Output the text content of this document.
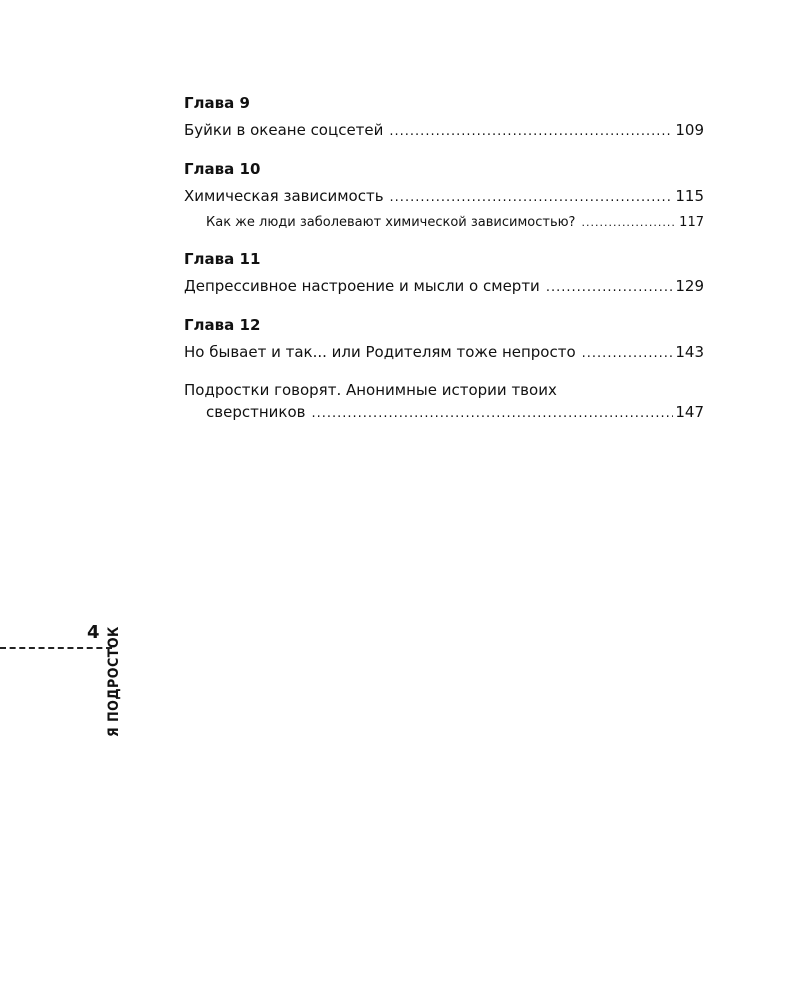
Глава 9
Буйки в океане соцсетей .....	109
Глава 10
Химическая зависимость .....	115
Как же люди заболевают химической зависимостью? .....	117
Глава 11
Депрессивное настроение и мысли о смерти .....	129
Глава 12
Но бывает и так... или Родителям тоже непросто .....	143
Подростки говорят. Анонимные истории твоих
сверстников .....	147
4 Я ПОДРОСТОК
